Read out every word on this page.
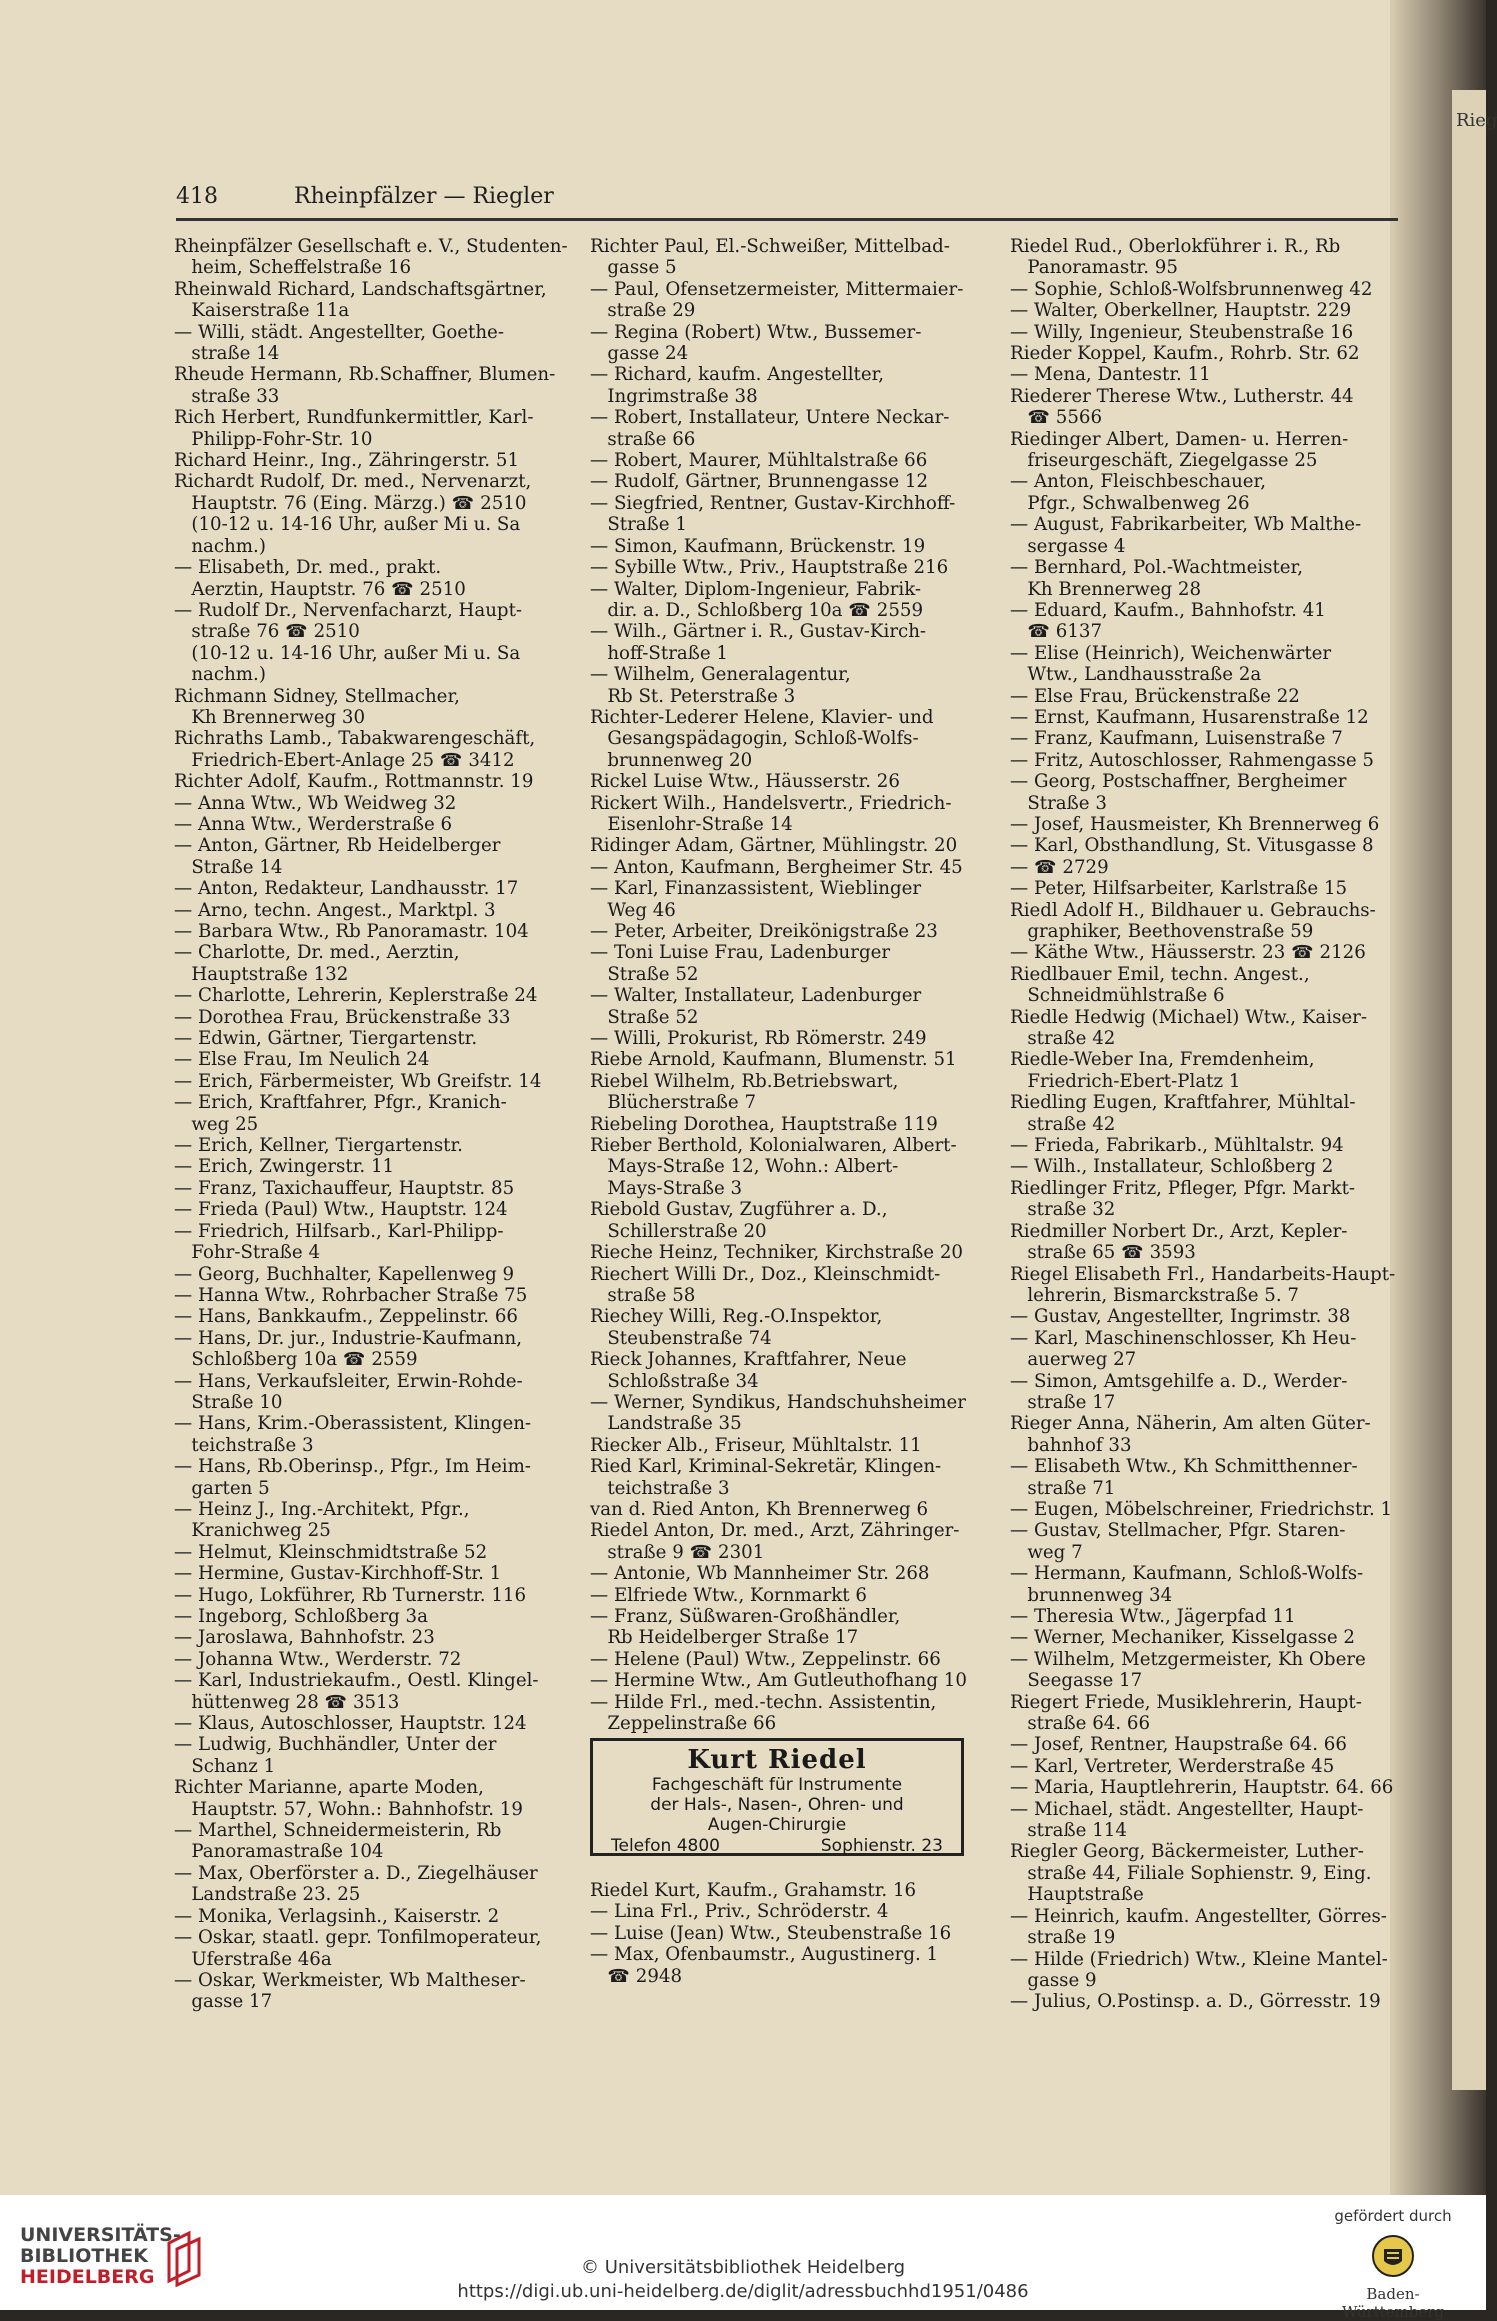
Rieg
418	Rheinpfälzer — Riegler
Rheinpfälzer Gesellschaft e. V., Studenten-
heim, Scheffelstraße 16
Rheinwald Richard, Landschaftsgärtner,
Kaiserstraße 11a
— Willi, städt. Angestellter, Goethe-
straße 14
Rheude Hermann, Rb.Schaffner, Blumen-
straße 33
Rich Herbert, Rundfunkermittler, Karl-
Philipp-Fohr-Str. 10
Richard Heinr., Ing., Zähringerstr. 51
Richardt Rudolf, Dr. med., Nervenarzt,
Hauptstr. 76 (Eing. Märzg.) ☎ 2510
(10-12 u. 14-16 Uhr, außer Mi u. Sa
nachm.)
— Elisabeth, Dr. med., prakt.
Aerztin, Hauptstr. 76 ☎ 2510
— Rudolf Dr., Nervenfacharzt, Haupt-
straße 76 ☎ 2510
(10-12 u. 14-16 Uhr, außer Mi u. Sa
nachm.)
Richmann Sidney, Stellmacher,
Kh Brennerweg 30
Richraths Lamb., Tabakwarengeschäft,
Friedrich-Ebert-Anlage 25 ☎ 3412
Richter Adolf, Kaufm., Rottmannstr. 19
— Anna Wtw., Wb Weidweg 32
— Anna Wtw., Werderstraße 6
— Anton, Gärtner, Rb Heidelberger
Straße 14
— Anton, Redakteur, Landhausstr. 17
— Arno, techn. Angest., Marktpl. 3
— Barbara Wtw., Rb Panoramastr. 104
— Charlotte, Dr. med., Aerztin,
Hauptstraße 132
— Charlotte, Lehrerin, Keplerstraße 24
— Dorothea Frau, Brückenstraße 33
— Edwin, Gärtner, Tiergartenstr.
— Else Frau, Im Neulich 24
— Erich, Färbermeister, Wb Greifstr. 14
— Erich, Kraftfahrer, Pfgr., Kranich-
weg 25
— Erich, Kellner, Tiergartenstr.
— Erich, Zwingerstr. 11
— Franz, Taxichauffeur, Hauptstr. 85
— Frieda (Paul) Wtw., Hauptstr. 124
— Friedrich, Hilfsarb., Karl-Philipp-
Fohr-Straße 4
— Georg, Buchhalter, Kapellenweg 9
— Hanna Wtw., Rohrbacher Straße 75
— Hans, Bankkaufm., Zeppelinstr. 66
— Hans, Dr. jur., Industrie-Kaufmann,
Schloßberg 10a ☎ 2559
— Hans, Verkaufsleiter, Erwin-Rohde-
Straße 10
— Hans, Krim.-Oberassistent, Klingen-
teichstraße 3
— Hans, Rb.Oberinsp., Pfgr., Im Heim-
garten 5
— Heinz J., Ing.-Architekt, Pfgr.,
Kranichweg 25
— Helmut, Kleinschmidtstraße 52
— Hermine, Gustav-Kirchhoff-Str. 1
— Hugo, Lokführer, Rb Turnerstr. 116
— Ingeborg, Schloßberg 3a
— Jaroslawa, Bahnhofstr. 23
— Johanna Wtw., Werderstr. 72
— Karl, Industriekaufm., Oestl. Klingel-
hüttenweg 28 ☎ 3513
— Klaus, Autoschlosser, Hauptstr. 124
— Ludwig, Buchhändler, Unter der
Schanz 1
Richter Marianne, aparte Moden,
Hauptstr. 57, Wohn.: Bahnhofstr. 19
— Marthel, Schneidermeisterin, Rb
Panoramastraße 104
— Max, Oberförster a. D., Ziegelhäuser
Landstraße 23. 25
— Monika, Verlagsinh., Kaiserstr. 2
— Oskar, staatl. gepr. Tonfilmoperateur,
Uferstraße 46a
— Oskar, Werkmeister, Wb Maltheser-
gasse 17
Richter Paul, El.-Schweißer, Mittelbad-
gasse 5
— Paul, Ofensetzermeister, Mittermaier-
straße 29
— Regina (Robert) Wtw., Bussemer-
gasse 24
— Richard, kaufm. Angestellter,
Ingrimstraße 38
— Robert, Installateur, Untere Neckar-
straße 66
— Robert, Maurer, Mühltalstraße 66
— Rudolf, Gärtner, Brunnengasse 12
— Siegfried, Rentner, Gustav-Kirchhoff-
Straße 1
— Simon, Kaufmann, Brückenstr. 19
— Sybille Wtw., Priv., Hauptstraße 216
— Walter, Diplom-Ingenieur, Fabrik-
dir. a. D., Schloßberg 10a ☎ 2559
— Wilh., Gärtner i. R., Gustav-Kirch-
hoff-Straße 1
— Wilhelm, Generalagentur,
Rb St. Peterstraße 3
Richter-Lederer Helene, Klavier- und
Gesangspädagogin, Schloß-Wolfs-
brunnenweg 20
Rickel Luise Wtw., Häusserstr. 26
Rickert Wilh., Handelsvertr., Friedrich-
Eisenlohr-Straße 14
Ridinger Adam, Gärtner, Mühlingstr. 20
— Anton, Kaufmann, Bergheimer Str. 45
— Karl, Finanzassistent, Wieblinger
Weg 46
— Peter, Arbeiter, Dreikönigstraße 23
— Toni Luise Frau, Ladenburger
Straße 52
— Walter, Installateur, Ladenburger
Straße 52
— Willi, Prokurist, Rb Römerstr. 249
Riebe Arnold, Kaufmann, Blumenstr. 51
Riebel Wilhelm, Rb.Betriebswart,
Blücherstraße 7
Riebeling Dorothea, Hauptstraße 119
Rieber Berthold, Kolonialwaren, Albert-
Mays-Straße 12, Wohn.: Albert-
Mays-Straße 3
Riebold Gustav, Zugführer a. D.,
Schillerstraße 20
Rieche Heinz, Techniker, Kirchstraße 20
Riechert Willi Dr., Doz., Kleinschmidt-
straße 58
Riechey Willi, Reg.-O.Inspektor,
Steubenstraße 74
Rieck Johannes, Kraftfahrer, Neue
Schloßstraße 34
— Werner, Syndikus, Handschuhsheimer
Landstraße 35
Riecker Alb., Friseur, Mühltalstr. 11
Ried Karl, Kriminal-Sekretär, Klingen-
teichstraße 3
van d. Ried Anton, Kh Brennerweg 6
Riedel Anton, Dr. med., Arzt, Zähringer-
straße 9 ☎ 2301
— Antonie, Wb Mannheimer Str. 268
— Elfriede Wtw., Kornmarkt 6
— Franz, Süßwaren-Großhändler,
Rb Heidelberger Straße 17
— Helene (Paul) Wtw., Zeppelinstr. 66
— Hermine Wtw., Am Gutleuthofhang 10
— Hilde Frl., med.-techn. Assistentin,
Zeppelinstraße 66
Kurt Riedel
Fachgeschäft für Instrumente
der Hals-, Nasen-, Ohren- und
Augen-Chirurgie
Telefon 4800	Sophienstr. 23
Riedel Kurt, Kaufm., Grahamstr. 16
— Lina Frl., Priv., Schröderstr. 4
— Luise (Jean) Wtw., Steubenstraße 16
— Max, Ofenbaumstr., Augustinerg. 1
☎ 2948
Riedel Rud., Oberlokführer i. R., Rb
Panoramastr. 95
— Sophie, Schloß-Wolfsbrunnenweg 42
— Walter, Oberkellner, Hauptstr. 229
— Willy, Ingenieur, Steubenstraße 16
Rieder Koppel, Kaufm., Rohrb. Str. 62
— Mena, Dantestr. 11
Riederer Therese Wtw., Lutherstr. 44
☎ 5566
Riedinger Albert, Damen- u. Herren-
friseurgeschäft, Ziegelgasse 25
— Anton, Fleischbeschauer,
Pfgr., Schwalbenweg 26
— August, Fabrikarbeiter, Wb Malthe-
sergasse 4
— Bernhard, Pol.-Wachtmeister,
Kh Brennerweg 28
— Eduard, Kaufm., Bahnhofstr. 41
☎ 6137
— Elise (Heinrich), Weichenwärter
Wtw., Landhausstraße 2a
— Else Frau, Brückenstraße 22
— Ernst, Kaufmann, Husarenstraße 12
— Franz, Kaufmann, Luisenstraße 7
— Fritz, Autoschlosser, Rahmengasse 5
— Georg, Postschaffner, Bergheimer
Straße 3
— Josef, Hausmeister, Kh Brennerweg 6
— Karl, Obsthandlung, St. Vitusgasse 8
— ☎ 2729
— Peter, Hilfsarbeiter, Karlstraße 15
Riedl Adolf H., Bildhauer u. Gebrauchs-
graphiker, Beethovenstraße 59
— Käthe Wtw., Häusserstr. 23 ☎ 2126
Riedlbauer Emil, techn. Angest.,
Schneidmühlstraße 6
Riedle Hedwig (Michael) Wtw., Kaiser-
straße 42
Riedle-Weber Ina, Fremdenheim,
Friedrich-Ebert-Platz 1
Riedling Eugen, Kraftfahrer, Mühltal-
straße 42
— Frieda, Fabrikarb., Mühltalstr. 94
— Wilh., Installateur, Schloßberg 2
Riedlinger Fritz, Pfleger, Pfgr. Markt-
straße 32
Riedmiller Norbert Dr., Arzt, Kepler-
straße 65 ☎ 3593
Riegel Elisabeth Frl., Handarbeits-Haupt-
lehrerin, Bismarckstraße 5. 7
— Gustav, Angestellter, Ingrimstr. 38
— Karl, Maschinenschlosser, Kh Heu-
auerweg 27
— Simon, Amtsgehilfe a. D., Werder-
straße 17
Rieger Anna, Näherin, Am alten Güter-
bahnhof 33
— Elisabeth Wtw., Kh Schmitthenner-
straße 71
— Eugen, Möbelschreiner, Friedrichstr. 1
— Gustav, Stellmacher, Pfgr. Staren-
weg 7
— Hermann, Kaufmann, Schloß-Wolfs-
brunnenweg 34
— Theresia Wtw., Jägerpfad 11
— Werner, Mechaniker, Kisselgasse 2
— Wilhelm, Metzgermeister, Kh Obere
Seegasse 17
Riegert Friede, Musiklehrerin, Haupt-
straße 64. 66
— Josef, Rentner, Haupstraße 64. 66
— Karl, Vertreter, Werderstraße 45
— Maria, Hauptlehrerin, Hauptstr. 64. 66
— Michael, städt. Angestellter, Haupt-
straße 114
Riegler Georg, Bäckermeister, Luther-
straße 44, Filiale Sophienstr. 9, Eing.
Hauptstraße
— Heinrich, kaufm. Angestellter, Görres-
straße 19
— Hilde (Friedrich) Wtw., Kleine Mantel-
gasse 9
— Julius, O.Postinsp. a. D., Görresstr. 19
UNIVERSITÄTS-
BIBLIOTHEK
HEIDELBERG	© Universitätsbibliothek Heidelberg
https://digi.ub.uni-heidelberg.de/diglit/adressbuchhd1951/0486
gefördert durch
Baden-Württemberg
